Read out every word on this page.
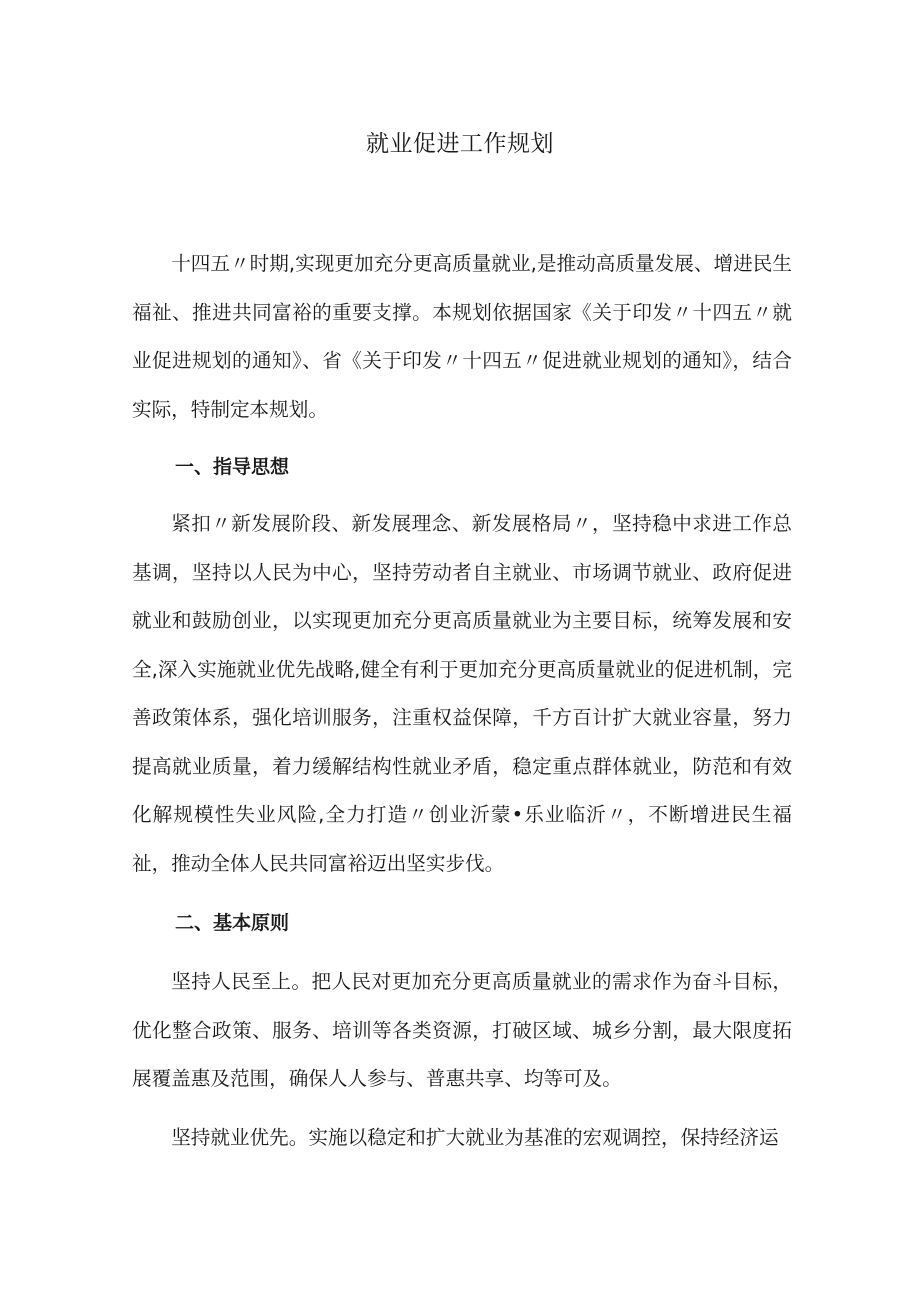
就业促进工作规划

十四五〃时期,实现更加充分更高质量就业,是推动高质量发展、增进民生福祉、推进共同富裕的重要支撑。本规划依据国家《关于印发〃十四五〃就业促进规划的通知》、省《关于印发〃十四五〃促进就业规划的通知》，结合实际，特制定本规划。

一、指导思想

紧扣〃新发展阶段、新发展理念、新发展格局〃，坚持稳中求进工作总基调，坚持以人民为中心，坚持劳动者自主就业、市场调节就业、政府促进就业和鼓励创业，以实现更加充分更高质量就业为主要目标，统筹发展和安全,深入实施就业优先战略,健全有利于更加充分更高质量就业的促进机制，完善政策体系，强化培训服务，注重权益保障，千方百计扩大就业容量，努力提高就业质量，着力缓解结构性就业矛盾，稳定重点群体就业，防范和有效化解规模性失业风险,全力打造〃创业沂蒙•乐业临沂〃，不断增进民生福祉，推动全体人民共同富裕迈出坚实步伐。

二、基本原则

坚持人民至上。把人民对更加充分更高质量就业的需求作为奋斗目标，优化整合政策、服务、培训等各类资源，打破区域、城乡分割，最大限度拓展覆盖惠及范围，确保人人参与、普惠共享、均等可及。

坚持就业优先。实施以稳定和扩大就业为基准的宏观调控，保持经济运
